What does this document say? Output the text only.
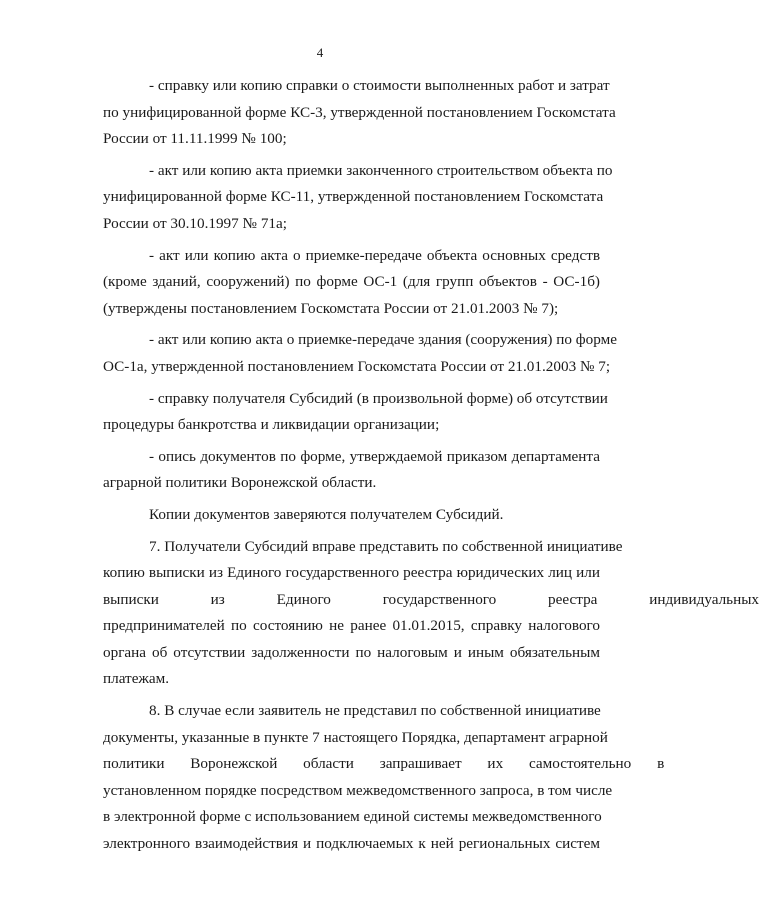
4
- справку или копию справки о стоимости выполненных работ и затрат
по унифицированной форме КС-3, утвержденной постановлением Госкомстата
России от 11.11.1999 № 100;
- акт или копию акта приемки законченного строительством объекта по
унифицированной форме КС-11, утвержденной постановлением Госкомстата
России от 30.10.1997 № 71а;
- акт или копию акта о приемке-передаче объекта основных средств
(кроме зданий, сооружений) по форме ОС-1 (для групп объектов - ОС-1б)
(утверждены постановлением Госкомстата России от 21.01.2003 № 7);
- акт или копию акта о приемке-передаче здания (сооружения) по форме
ОС-1а, утвержденной постановлением Госкомстата России от 21.01.2003 № 7;
- справку получателя Субсидий (в произвольной форме) об отсутствии
процедуры банкротства и ликвидации организации;
- опись документов по форме, утверждаемой приказом департамента
аграрной политики Воронежской области.
Копии документов заверяются получателем Субсидий.
7. Получатели Субсидий вправе представить по собственной инициативе
копию выписки из Единого государственного реестра юридических лиц или
выписки из Единого государственного реестра индивидуальных
предпринимателей по состоянию не ранее 01.01.2015, справку налогового
органа об отсутствии задолженности по налоговым и иным обязательным
платежам.
8. В случае если заявитель не представил по собственной инициативе
документы, указанные в пункте 7 настоящего Порядка, департамент аграрной
политики Воронежской области запрашивает их самостоятельно в
установленном порядке посредством межведомственного запроса, в том числе
в электронной форме с использованием единой системы межведомственного
электронного взаимодействия и подключаемых к ней региональных систем
